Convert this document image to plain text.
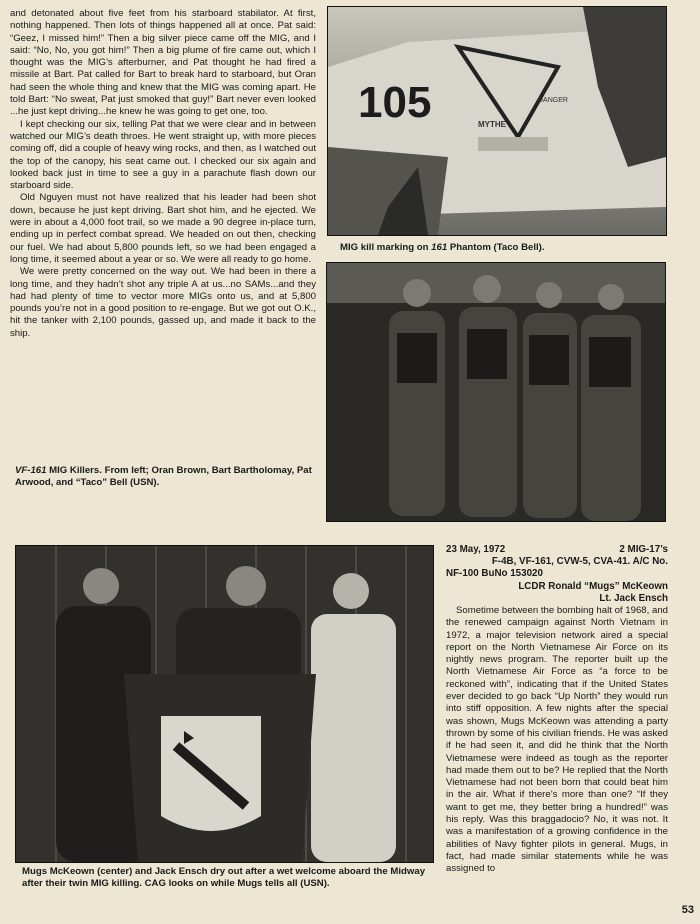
and detonated about five feet from his starboard stabilator. At first, nothing happened. Then lots of things happened all at once. Pat said: “Geez, I missed him!” Then a big silver piece came off the MIG, and I said: “No, No, you got him!” Then a big plume of fire came out, which I thought was the MIG’s afterburner, and Pat thought he had fired a missile at Bart. Pat called for Bart to break hard to starboard, but Oran had seen the whole thing and knew that the MIG was coming apart. He told Bart: “No sweat, Pat just smoked that guy!” Bart never even looked ...he just kept driving...he knew he was going to get one, too.

I kept checking our six, telling Pat that we were clear and in between watched our MIG’s death throes. He went straight up, with more pieces coming off, did a couple of heavy wing rocks, and then, as I watched out the top of the canopy, his seat came out. I checked our six again and looked back just in time to see a guy in a parachute flash down our starboard side.

Old Nguyen must not have realized that his leader had been shot down, because he just kept driving. Bart shot him, and he ejected. We were in about a 4,000 foot trail, so we made a 90 degree in-place turn, ending up in perfect combat spread. We headed on out then, checking our fuel. We had about 5,800 pounds left, so we had been engaged a long time, it seemed about a year or so. We were all ready to go home.

We were pretty concerned on the way out. We had been in there a long time, and they hadn’t shot any triple A at us...no SAMs...and they had had plenty of time to vector more MIGs onto us, and at 5,800 pounds you’re not in a good position to re-engage. But we got out O.K., hit the tanker with 2,100 pounds, gassed up, and made it back to the ship.

105	DANGER
MYTHE
MIG kill marking on 161 Phantom (Taco Bell).
VF-161 MIG Killers. From left; Oran Brown, Bart Bartholomay, Pat Arwood, and “Taco” Bell (USN).
Mugs McKeown (center) and Jack Ensch dry out after a wet welcome aboard the Midway after their twin MIG killing. CAG looks on while Mugs tells all (USN).
23 May, 1972	2 MIG-17’s
F-4B, VF-161, CVW-5, CVA-41. A/C No.
NF-100 BuNo 153020
LCDR Ronald “Mugs” McKeown
Lt. Jack Ensch

Sometime between the bombing halt of 1968, and the renewed campaign against North Vietnam in 1972, a major television network aired a special report on the North Vietnamese Air Force on its nightly news program. The reporter built up the North Vietnamese Air Force as “a force to be reckoned with”, indicating that if the United States ever decided to go back “Up North” they would run into stiff opposition. A few nights after the special was shown, Mugs McKeown was attending a party thrown by some of his civilian friends. He was asked if he had seen it, and did he think that the North Vietnamese were indeed as tough as the reporter had made them out to be? He replied that the North Vietnamese had not been born that could beat him in the air. What if there’s more than one? “If they want to get me, they better bring a hundred!” was his reply. Was this braggadocio? No, it was not. It was a manifestation of a growing confidence in the abilities of Navy fighter pilots in general. Mugs, in fact, had made similar statements while he was assigned to

53
